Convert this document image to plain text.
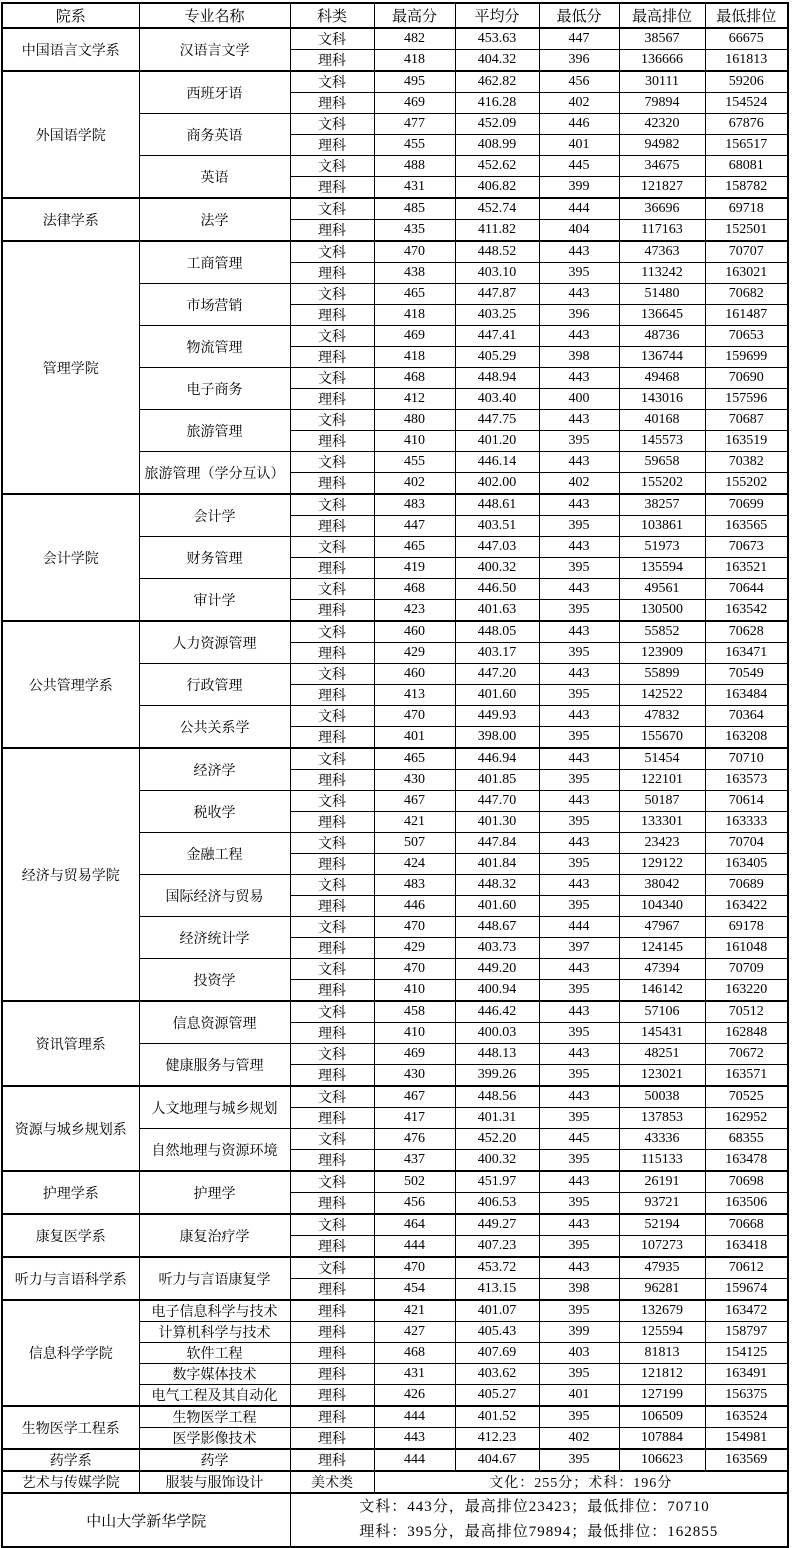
院系	专业名称	科类	最高分	平均分	最低分	最高排位	最低排位
中国语言文学系	汉语言文学	文科	482	453.63	447	38567	66675
		理科	418	404.32	396	136666	161813
外国语学院	西班牙语	文科	495	462.82	456	30111	59206
		理科	469	416.28	402	79894	154524
	商务英语	文科	477	452.09	446	42320	67876
		理科	455	408.99	401	94982	156517
	英语	文科	488	452.62	445	34675	68081
		理科	431	406.82	399	121827	158782
法律学系	法学	文科	485	452.74	444	36696	69718
		理科	435	411.82	404	117163	152501
管理学院	工商管理	文科	470	448.52	443	47363	70707
		理科	438	403.10	395	113242	163021
	市场营销	文科	465	447.87	443	51480	70682
		理科	418	403.25	396	136645	161487
	物流管理	文科	469	447.41	443	48736	70653
		理科	418	405.29	398	136744	159699
	电子商务	文科	468	448.94	443	49468	70690
		理科	412	403.40	400	143016	157596
	旅游管理	文科	480	447.75	443	40168	70687
		理科	410	401.20	395	145573	163519
	旅游管理（学分互认）	文科	455	446.14	443	59658	70382
		理科	402	402.00	402	155202	155202
会计学院	会计学	文科	483	448.61	443	38257	70699
		理科	447	403.51	395	103861	163565
	财务管理	文科	465	447.03	443	51973	70673
		理科	419	400.32	395	135594	163521
	审计学	文科	468	446.50	443	49561	70644
		理科	423	401.63	395	130500	163542
公共管理学系	人力资源管理	文科	460	448.05	443	55852	70628
		理科	429	403.17	395	123909	163471
	行政管理	文科	460	447.20	443	55899	70549
		理科	413	401.60	395	142522	163484
	公共关系学	文科	470	449.93	443	47832	70364
		理科	401	398.00	395	155670	163208
经济与贸易学院	经济学	文科	465	446.94	443	51454	70710
		理科	430	401.85	395	122101	163573
	税收学	文科	467	447.70	443	50187	70614
		理科	421	401.30	395	133301	163333
	金融工程	文科	507	447.84	443	23423	70704
		理科	424	401.84	395	129122	163405
	国际经济与贸易	文科	483	448.32	443	38042	70689
		理科	446	401.60	395	104340	163422
	经济统计学	文科	470	448.67	444	47967	69178
		理科	429	403.73	397	124145	161048
	投资学	文科	470	449.20	443	47394	70709
		理科	410	400.94	395	146142	163220
资讯管理系	信息资源管理	文科	458	446.42	443	57106	70512
		理科	410	400.03	395	145431	162848
	健康服务与管理	文科	469	448.13	443	48251	70672
		理科	430	399.26	395	123021	163571
资源与城乡规划系	人文地理与城乡规划	文科	467	448.56	443	50038	70525
		理科	417	401.31	395	137853	162952
	自然地理与资源环境	文科	476	452.20	445	43336	68355
		理科	437	400.32	395	115133	163478
护理学系	护理学	文科	502	451.97	443	26191	70698
		理科	456	406.53	395	93721	163506
康复医学系	康复治疗学	文科	464	449.27	443	52194	70668
		理科	444	407.23	395	107273	163418
听力与言语科学系	听力与言语康复学	文科	470	453.72	443	47935	70612
		理科	454	413.15	398	96281	159674
信息科学学院	电子信息科学与技术	理科	421	401.07	395	132679	163472
	计算机科学与技术	理科	427	405.43	399	125594	158797
	软件工程	理科	468	407.69	403	81813	154125
	数字媒体技术	理科	431	403.62	395	121812	163491
	电气工程及其自动化	理科	426	405.27	401	127199	156375
生物医学工程系	生物医学工程	理科	444	401.52	395	106509	163524
	医学影像技术	理科	443	412.23	402	107884	154981
药学系	药学	理科	444	404.67	395	106623	163569
艺术与传媒学院	服装与服饰设计	美术类	文化：255分；术科：196分				
中山大学新华学院		文科：443分，最高排位23423；最低排位：70710
理科：395分，最高排位79894；最低排位：162855					
